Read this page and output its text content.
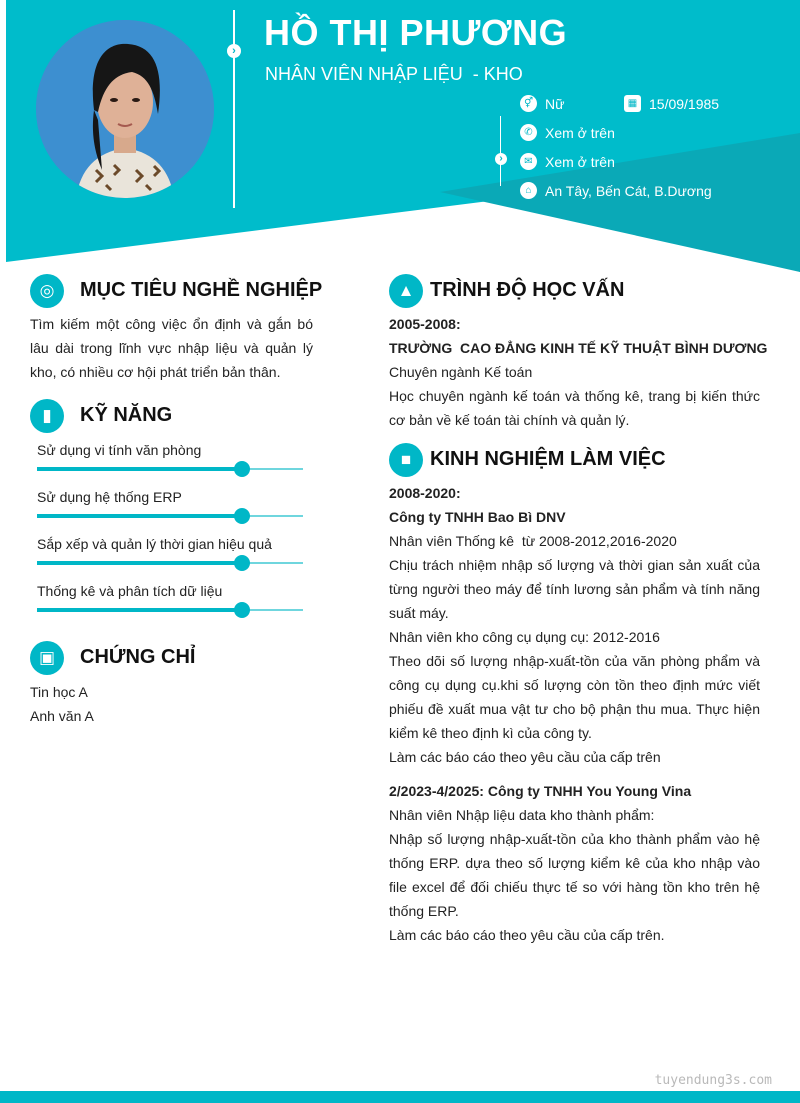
› HỒ THỊ PHƯƠNG
NHÂN VIÊN NHẬP LIỆU  - KHO
›
⚥ Nữ	▦ 15/09/1985
✆ Xem ở trên
✉ Xem ở trên
⌂ An Tây, Bến Cát, B.Dương
◎	MỤC TIÊU NGHỀ NGHIỆP
Tìm kiếm một công việc ổn định và gắn bó lâu dài trong lĩnh vực nhập liệu và quản lý kho, có nhiều cơ hội phát triển bản thân.
▮	KỸ NĂNG
Sử dụng vi tính văn phòng
Sử dụng hệ thống ERP
Sắp xếp và quản lý thời gian hiệu quả
Thống kê và phân tích dữ liệu
▣	CHỨNG CHỈ
Tin học A
Anh văn A
▲ TRÌNH ĐỘ HỌC VẤN
2005-2008:
TRƯỜNG  CAO ĐẲNG KINH TẾ KỸ THUẬT BÌNH DƯƠNG
Chuyên ngành Kế toán
Học chuyên ngành kế toán và thống kê, trang bị kiến thức cơ bản về kế toán tài chính và quản lý.
■ KINH NGHIỆM LÀM VIỆC
2008-2020:
Công ty TNHH Bao Bì DNV
Nhân viên Thống kê  từ 2008-2012,2016-2020
Chịu trách nhiệm nhập số lượng và thời gian sản xuất của từng người theo máy để tính lương sản phẩm và tính năng suất máy.
Nhân viên kho công cụ dụng cụ: 2012-2016
Theo dõi số lượng nhập-xuất-tồn của văn phòng phẩm và công cụ dụng cụ.khi số lượng còn tồn theo định mức viết phiếu đề xuất mua vật tư cho bộ phận thu mua. Thực hiện kiểm kê theo định kì của công ty.
Làm các báo cáo theo yêu cầu của cấp trên
2/2023-4/2025: Công ty TNHH You Young Vina
Nhân viên Nhập liệu data kho thành phẩm:
Nhập số lượng nhập-xuất-tồn của kho thành phẩm vào hệ thống ERP. dựa theo số lượng kiểm kê của kho nhập vào file excel để đối chiếu thực tế so với hàng tồn kho trên hệ thống ERP.
Làm các báo cáo theo yêu cầu của cấp trên.
tuyendung3s.com
